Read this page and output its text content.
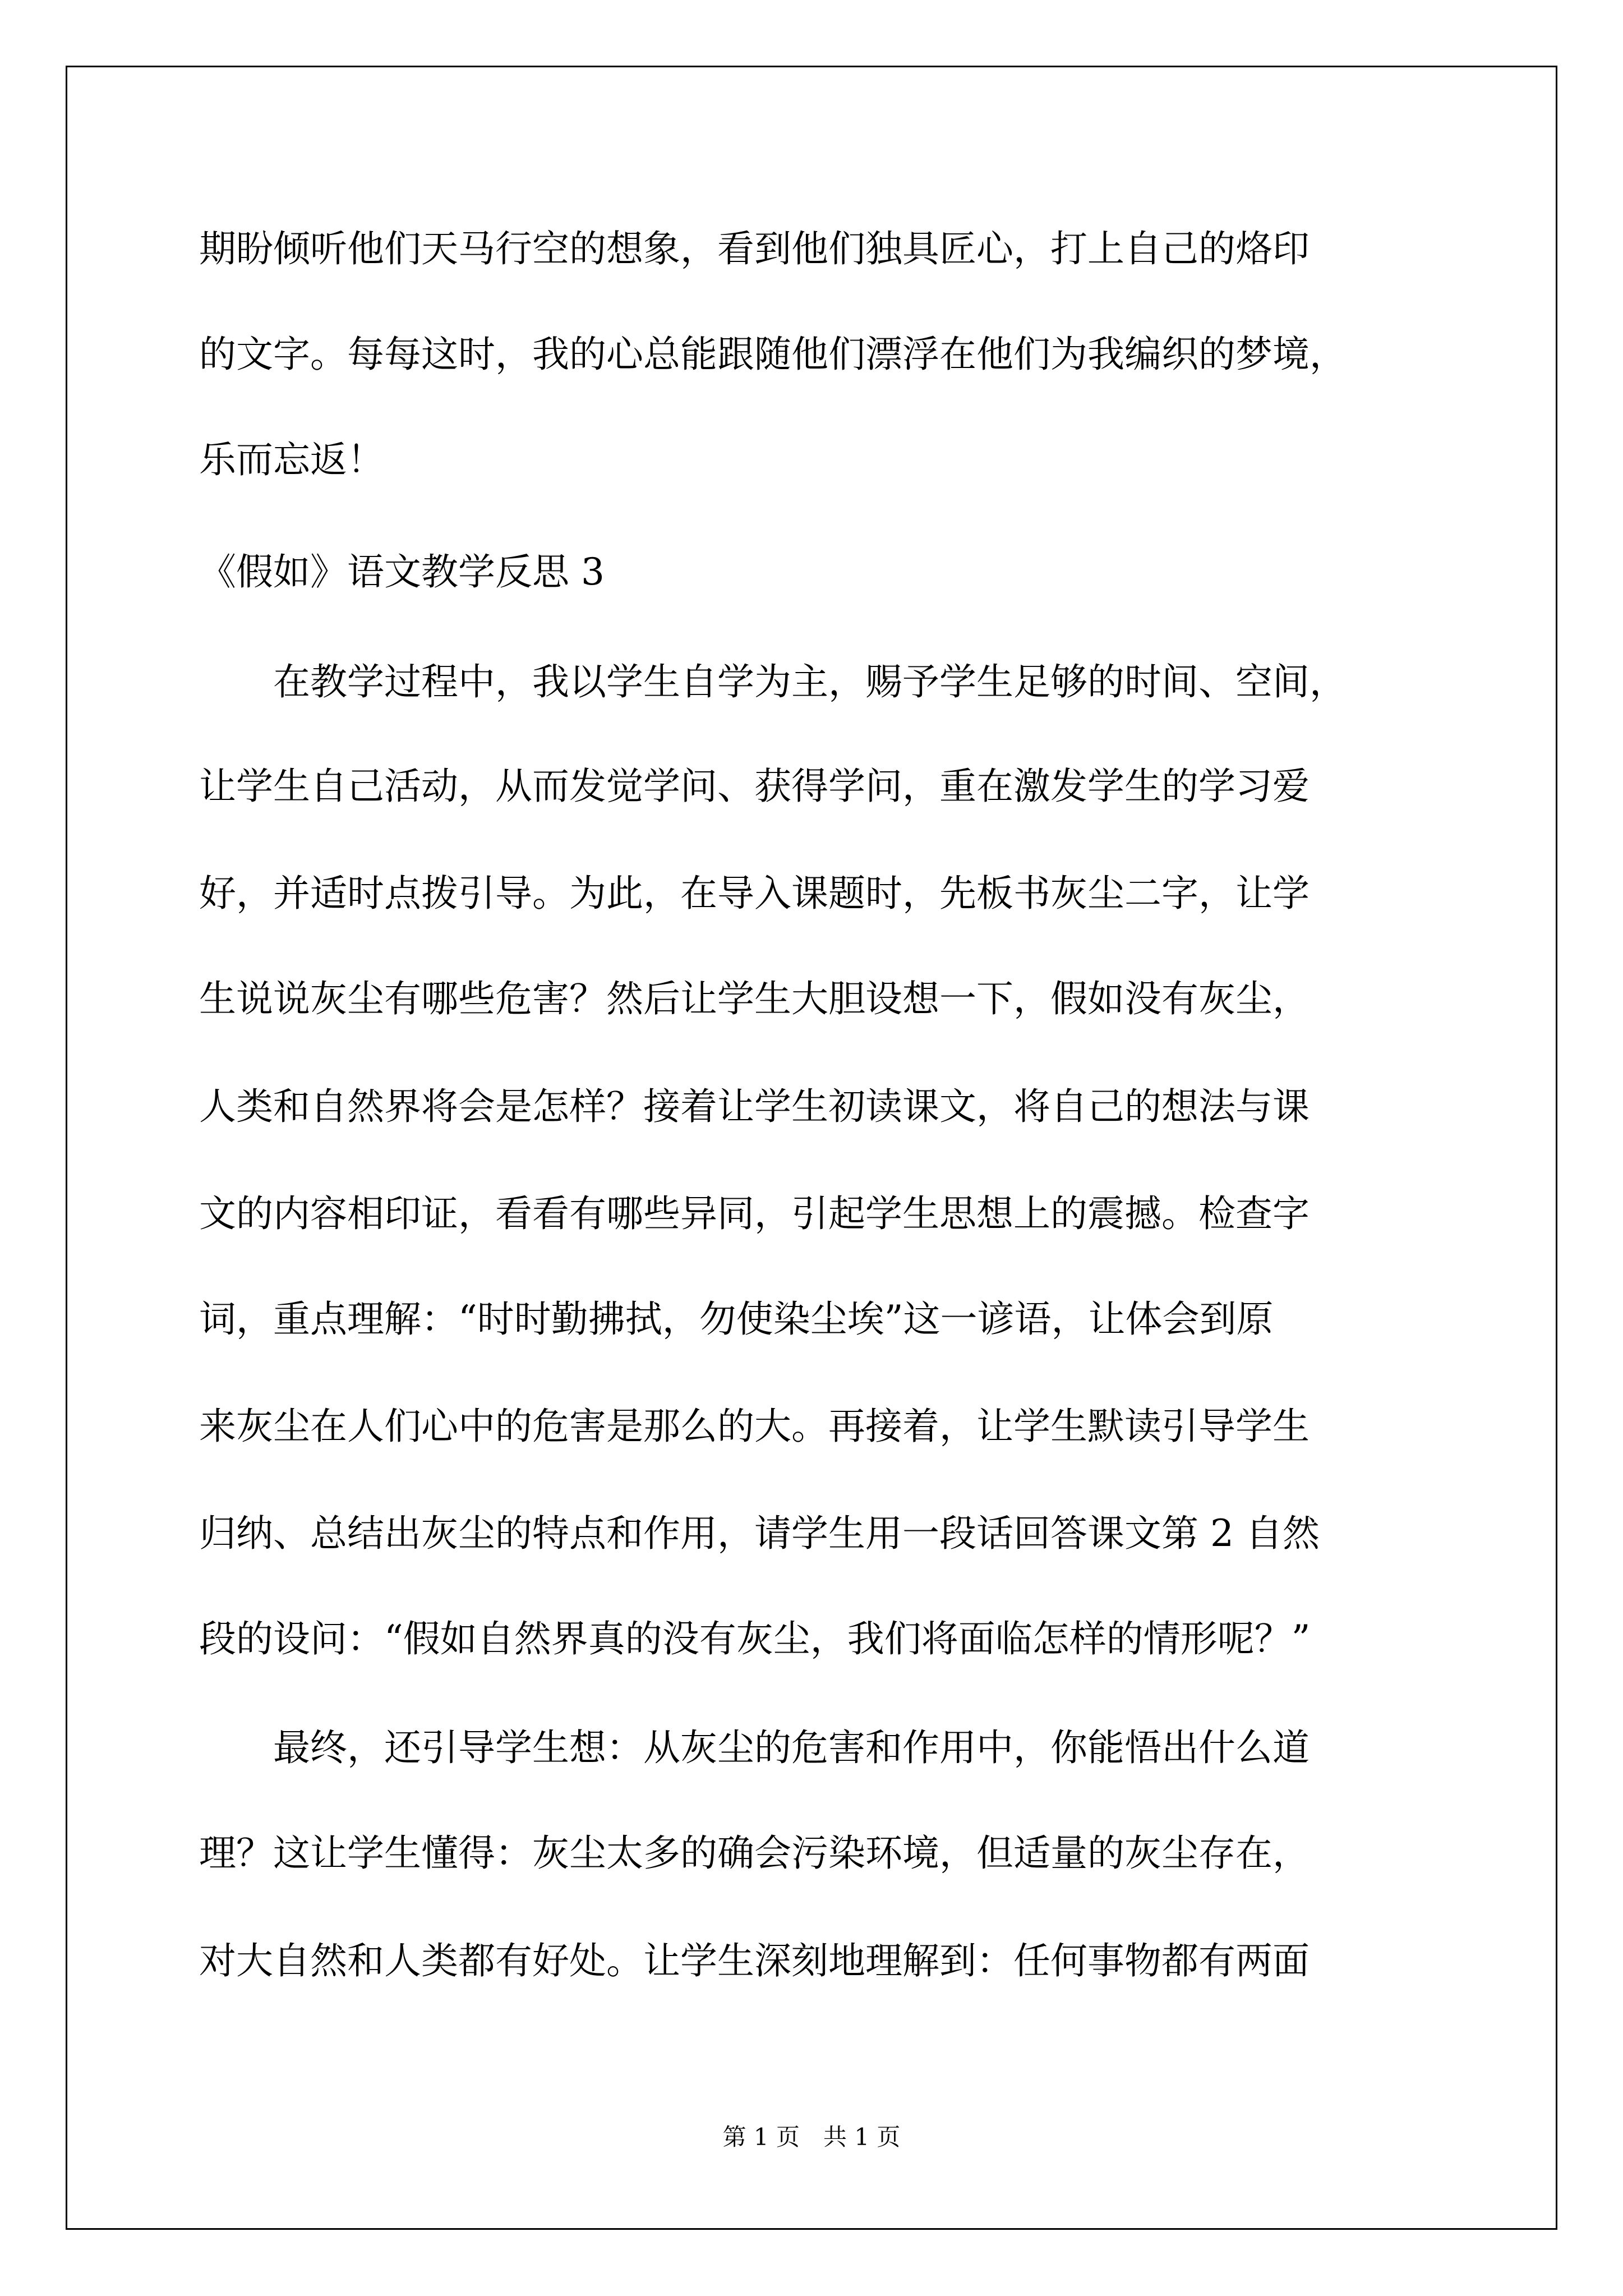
期盼倾听他们天马行空的想象，看到他们独具匠心，打上自己的烙印
的文字。每每这时，我的心总能跟随他们漂浮在他们为我编织的梦境，
乐而忘返！
《假如》语文教学反思 3
　　在教学过程中，我以学生自学为主，赐予学生足够的时间、空间，
让学生自己活动，从而发觉学问、获得学问，重在激发学生的学习爱
好，并适时点拨引导。为此，在导入课题时，先板书灰尘二字，让学
生说说灰尘有哪些危害？然后让学生大胆设想一下，假如没有灰尘，
人类和自然界将会是怎样？接着让学生初读课文，将自己的想法与课
文的内容相印证，看看有哪些异同，引起学生思想上的震撼。检查字
词，重点理解：“时时勤拂拭，勿使染尘埃”这一谚语，让体会到原
来灰尘在人们心中的危害是那么的大。再接着，让学生默读引导学生
归纳、总结出灰尘的特点和作用，请学生用一段话回答课文第 2 自然
段的设问：“假如自然界真的没有灰尘，我们将面临怎样的情形呢？”
　　最终，还引导学生想：从灰尘的危害和作用中，你能悟出什么道
理？这让学生懂得：灰尘太多的确会污染环境，但适量的灰尘存在，
对大自然和人类都有好处。让学生深刻地理解到：任何事物都有两面
第 1 页　共 1 页
